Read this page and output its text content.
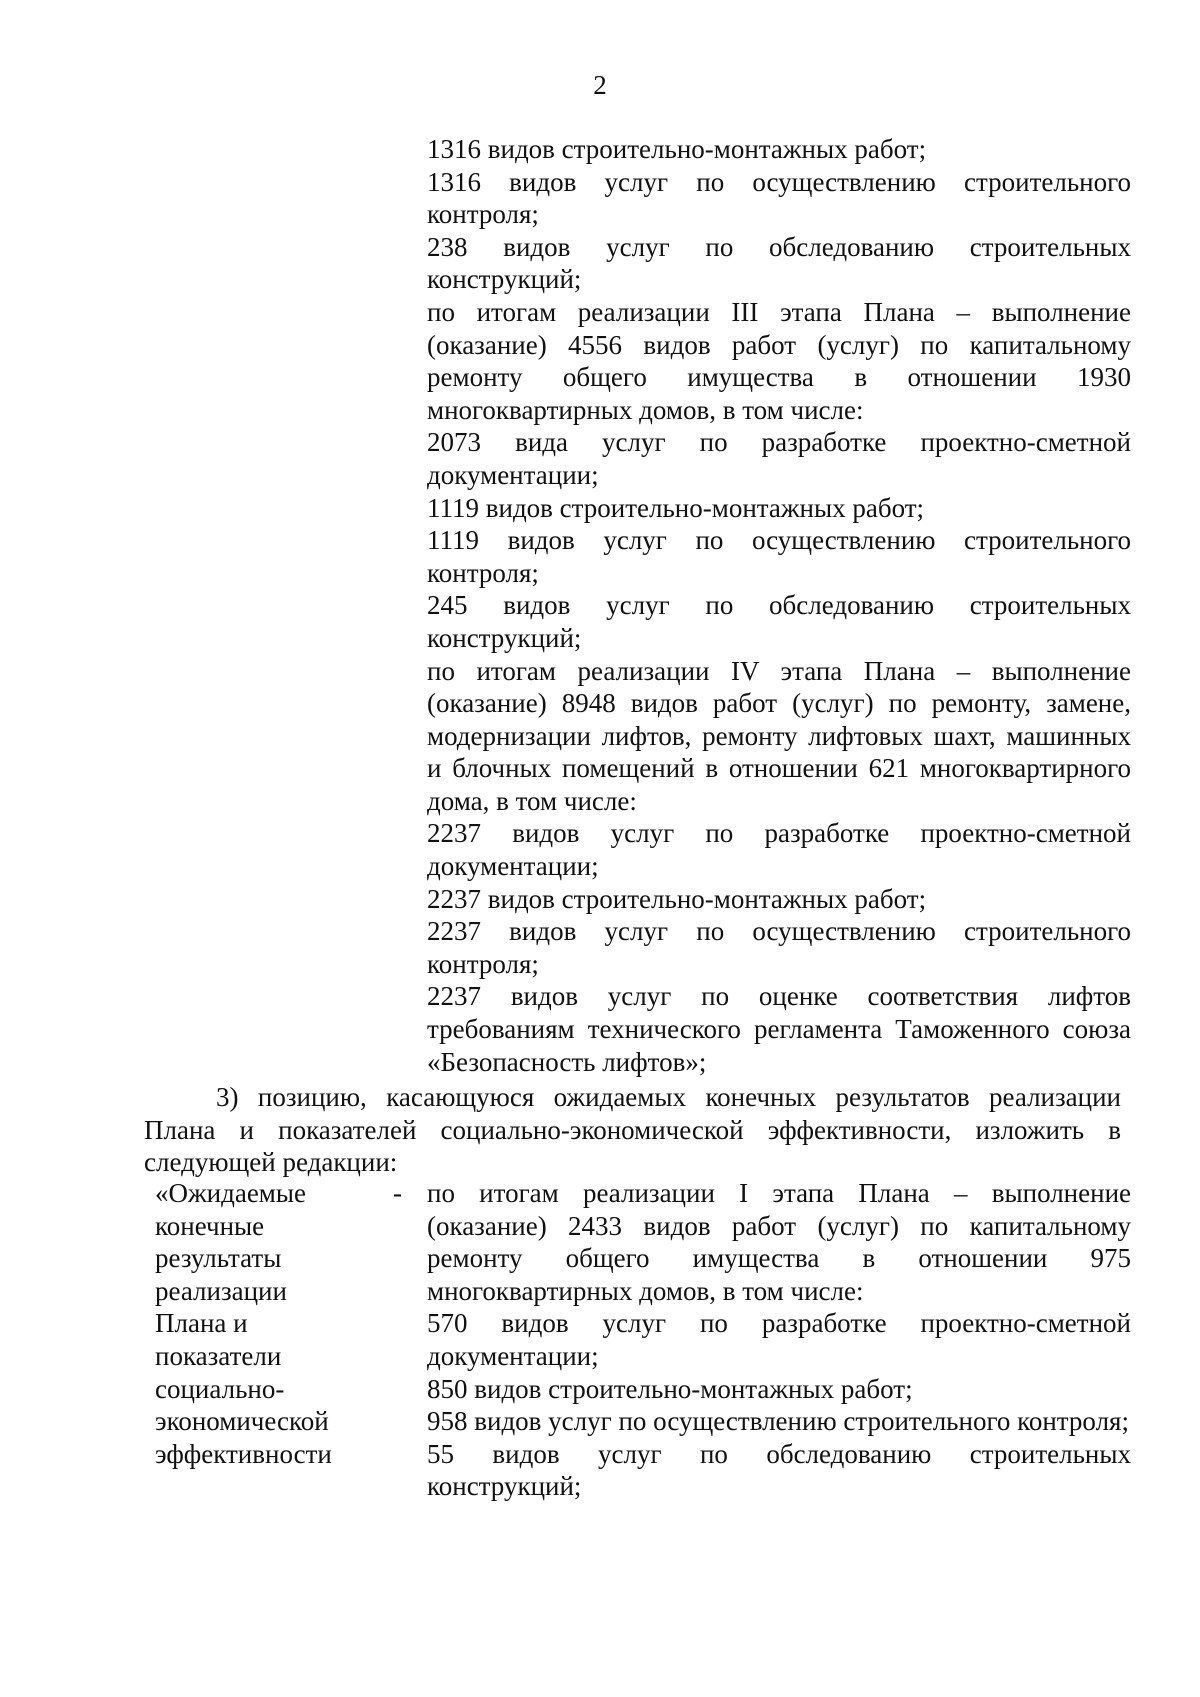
2

1316 видов строительно-монтажных работ;

1316 видов услуг по осуществлению строительного контроля;

238 видов услуг по обследованию строительных конструкций;

по итогам реализации III этапа Плана – выполнение (оказание) 4556 видов работ (услуг) по капитальному ремонту общего имущества в отношении 1930 многоквартирных домов, в том числе:

2073 вида услуг по разработке проектно-сметной документации;

1119 видов строительно-монтажных работ;

1119 видов услуг по осуществлению строительного контроля;

245 видов услуг по обследованию строительных конструкций;

по итогам реализации IV этапа Плана – выполнение (оказание) 8948 видов работ (услуг) по ремонту, замене, модернизации лифтов, ремонту лифтовых шахт, машинных и блочных помещений в отношении 621 многоквартирного дома, в том числе:

2237 видов услуг по разработке проектно-сметной документации;

2237 видов строительно-монтажных работ;

2237 видов услуг по осуществлению строительного контроля;

2237 видов услуг по оценке соответствия лифтов требованиям технического регламента Таможенного союза «Безопасность лифтов»;

3) позицию, касающуюся ожидаемых конечных результатов реализации Плана и показателей социально-экономической эффективности, изложить в следующей редакции:

«Ожидаемые
конечные
результаты
реализации
Плана и
показатели
социально-
экономической
эффективности
- по итогам реализации I этапа Плана – выполнение (оказание) 2433 видов работ (услуг) по капитальному ремонту общего имущества в отношении 975 многоквартирных домов, в том числе:

570 видов услуг по разработке проектно-сметной документации;

850 видов строительно-монтажных работ;

958 видов услуг по осуществлению строительного контроля;

55 видов услуг по обследованию строительных конструкций;
